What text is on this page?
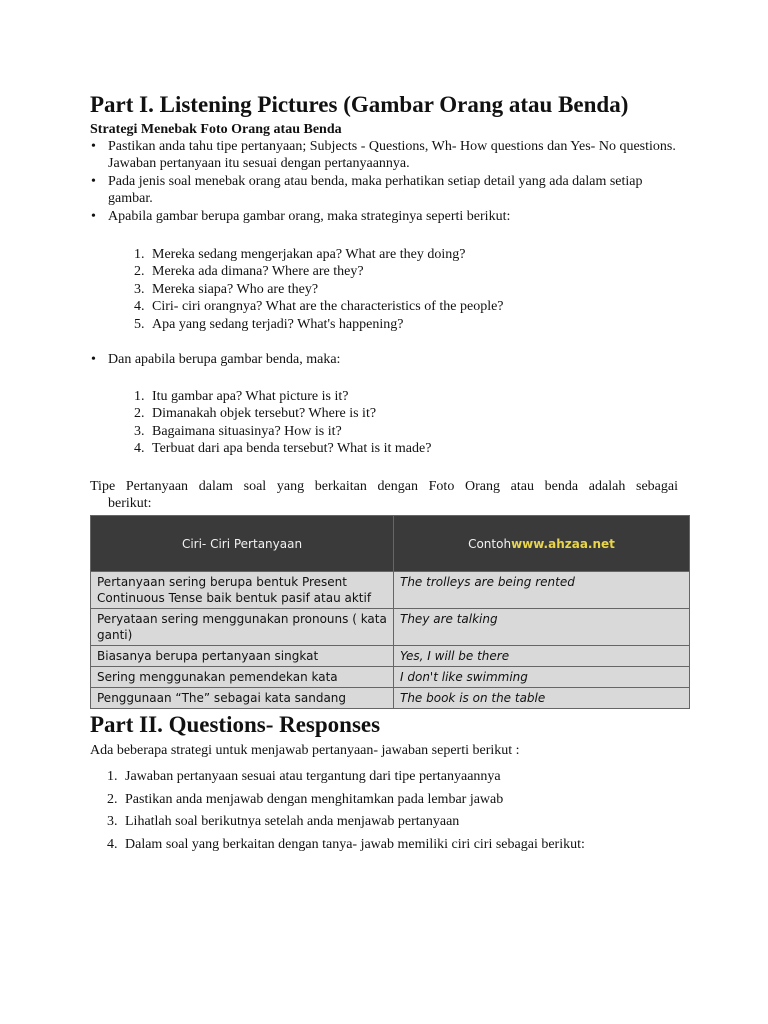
Part I. Listening Pictures (Gambar Orang atau Benda)
Strategi Menebak Foto Orang atau Benda
• Pastikan anda tahu tipe pertanyaan; Subjects - Questions, Wh- How questions dan Yes- No questions. Jawaban pertanyaan itu sesuai dengan pertanyaannya.
• Pada jenis soal menebak orang atau benda, maka perhatikan setiap detail yang ada dalam setiap gambar.
• Apabila gambar berupa gambar orang, maka strateginya seperti berikut:
1. Mereka sedang mengerjakan apa? What are they doing?
2. Mereka ada dimana? Where are they?
3. Mereka siapa? Who are they?
4. Ciri- ciri orangnya? What are the characteristics of the people?
5. Apa yang sedang terjadi? What's happening?
• Dan apabila berupa gambar benda, maka:
1. Itu gambar apa? What picture is it?
2. Dimanakah objek tersebut? Where is it?
3. Bagaimana situasinya? How is it?
4. Terbuat dari apa benda tersebut? What is it made?
Tipe Pertanyaan dalam soal yang berkaitan dengan Foto Orang atau benda adalah sebagai
berikut:
Ciri- Ciri Pertanyaan	Contohwww.ahzaa.net
Pertanyaan sering berupa bentuk Present Continuous Tense baik bentuk pasif atau aktif	The trolleys are being rented
Peryataan sering menggunakan pronouns ( kata ganti)	They are talking
Biasanya berupa pertanyaan singkat	Yes, I will be there
Sering menggunakan pemendekan kata	I don't like swimming
Penggunaan “The” sebagai kata sandang	The book is on the table
Part II. Questions- Responses
Ada beberapa strategi untuk menjawab pertanyaan- jawaban seperti berikut :
1. Jawaban pertanyaan sesuai atau tergantung dari tipe pertanyaannya
2. Pastikan anda menjawab dengan menghitamkan pada lembar jawab
3. Lihatlah soal berikutnya setelah anda menjawab pertanyaan
4. Dalam soal yang berkaitan dengan tanya- jawab memiliki ciri ciri sebagai berikut:
